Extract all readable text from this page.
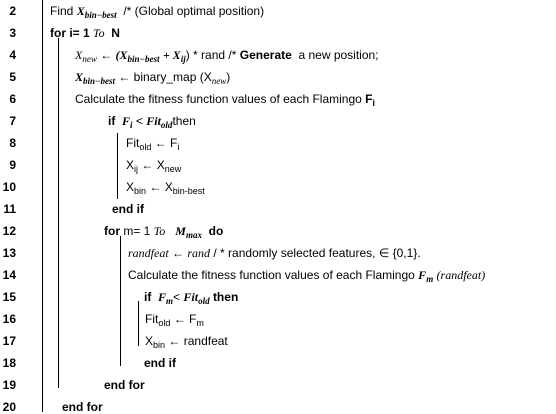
2
3
4
5
6
7
8
9
10
11
12
13
14
15
16
17
18
19
20
Find $X_{bin-best}$ /* (Global optimal position)
for i= 1 To N
$X_{new}$ ← $(X_{bin-best} + X_{ij})$ * rand /* Generate a new position;
$X_{bin-best}$ ← binary_map $(X_{new})$
Calculate the fitness function values of each Flamingo $F_i$
if $F_i$ < Fit$_{old}$then
Fit$_{old}$ ← $F_i$
$X_{ij}$ ← $X_{new}$
$X_{bin}$ ← $X_{bin-best}$
end if
for m= 1 To $M_{max}$ do
randfeat ← rand / * randomly selected features, ∈ {0,1}.
Calculate the fitness function values of each Flamingo $F_m$ (randfeat)
if $F_m< Fit_{old}$ then
Fit$_{old}$ ← $F_m$
$X_{bin}$ ← randfeat
end if
end for
end for
